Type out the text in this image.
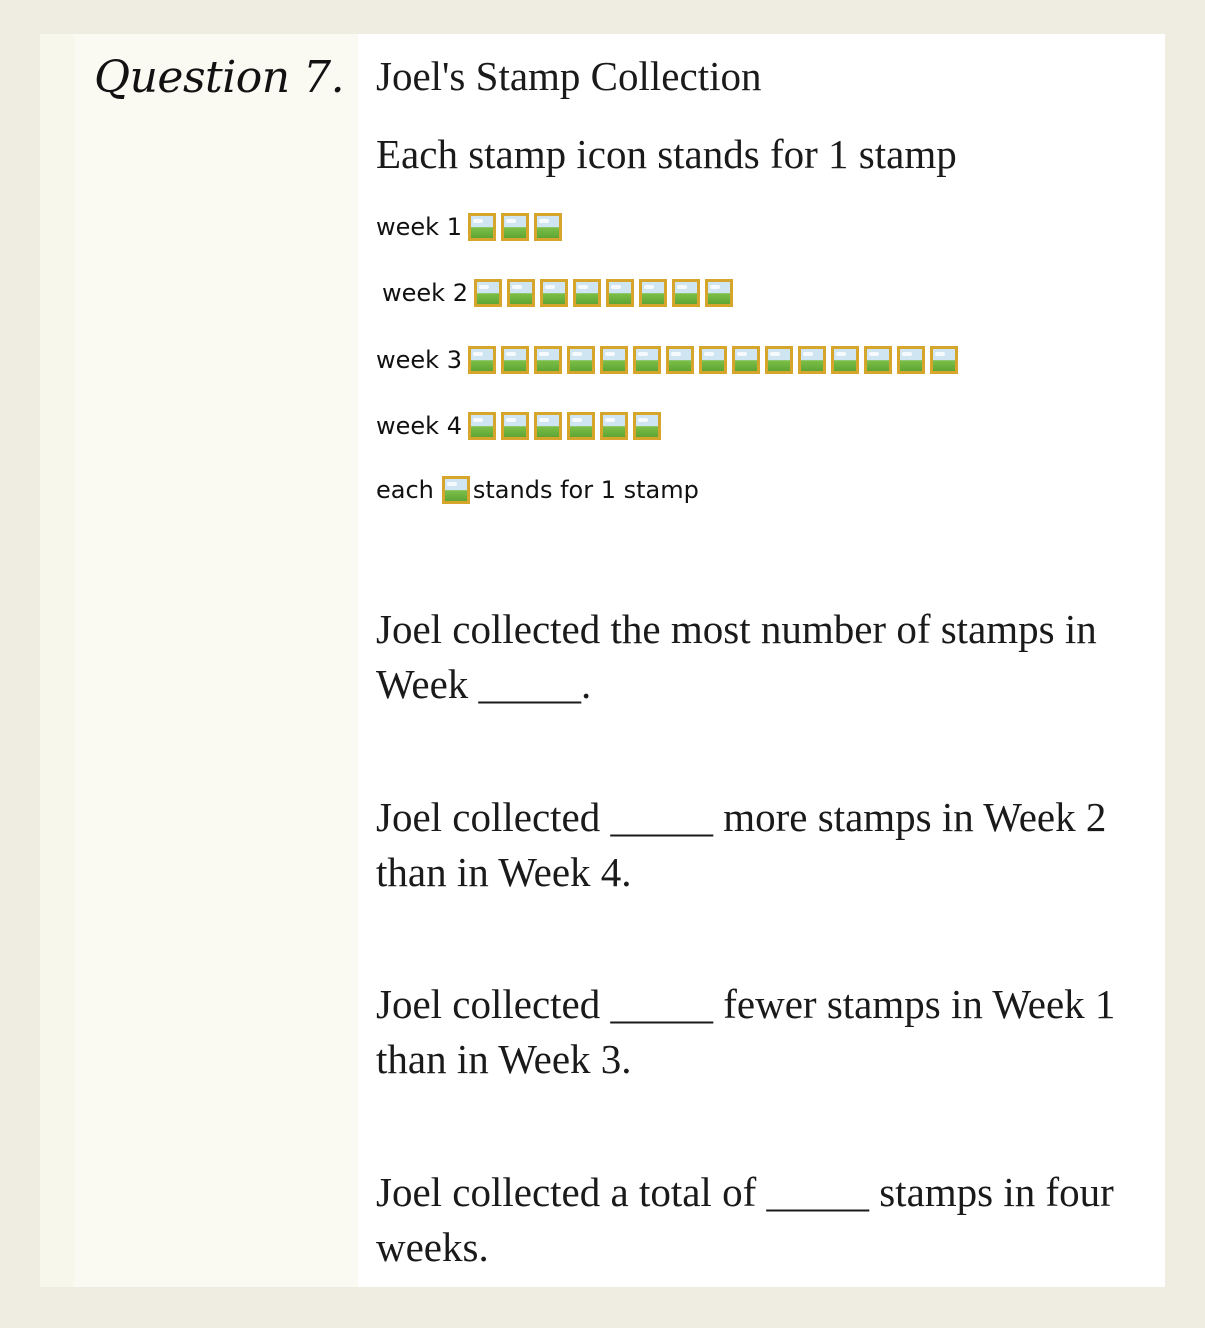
Question 7. Joel's Stamp Collection
Each stamp icon stands for 1 stamp
week 1
week 2
week 3
week 4
each stands for 1 stamp
Joel collected the most number of stamps in Week _____.
Joel collected _____ more stamps in Week 2 than in Week 4.
Joel collected _____ fewer stamps in Week 1 than in Week 3.
Joel collected a total of _____ stamps in four weeks.
